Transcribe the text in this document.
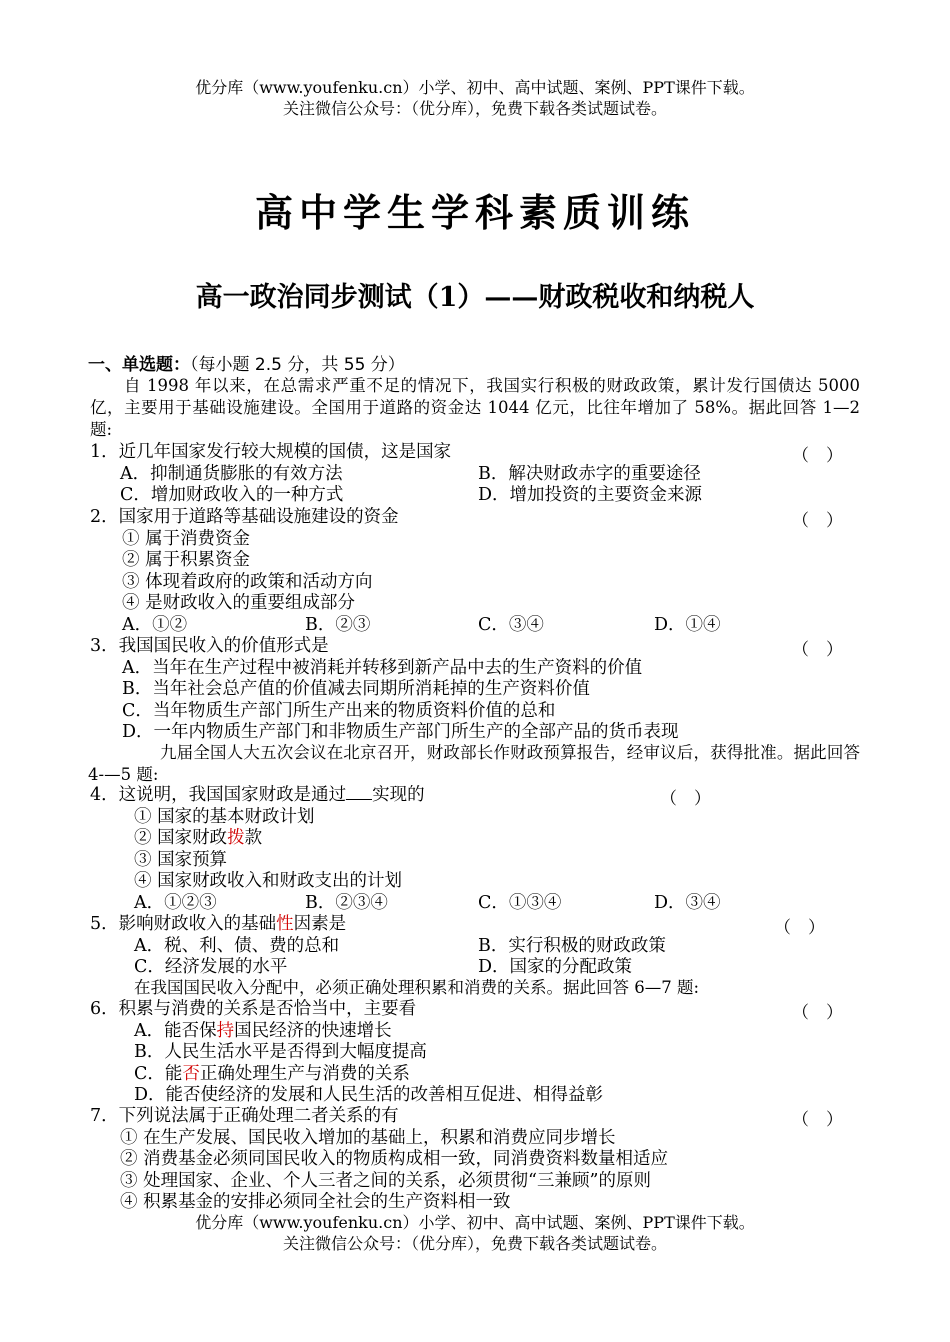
优分库（www.youfenku.cn）小学、初中、高中试题、案例、PPT课件下载。
关注微信公众号：（优分库），免费下载各类试题试卷。
高中学生学科素质训练
高一政治同步测试（1）——财政税收和纳税人
一、单选题：（每小题 2.5 分，共 55 分）
自 1998 年以来，在总需求严重不足的情况下，我国实行积极的财政政策，累计发行国债达 5000 亿，主要用于基础设施建设。全国用于道路的资金达 1044 亿元，比往年增加了 58%。据此回答 1—2 题:
1．近几年国家发行较大规模的国债，这是国家	（　）
A．抑制通货膨胀的有效方法	B．解决财政赤字的重要途径
C．增加财政收入的一种方式	D．增加投资的主要资金来源
2．国家用于道路等基础设施建设的资金	（　）
① 属于消费资金
② 属于积累资金
③ 体现着政府的政策和活动方向
④ 是财政收入的重要组成部分
A．①②	B．②③	C．③④	D．①④
3．我国国民收入的价值形式是	（　）
A．当年在生产过程中被消耗并转移到新产品中去的生产资料的价值
B．当年社会总产值的价值减去同期所消耗掉的生产资料价值
C．当年物质生产部门所生产出来的物质资料价值的总和
D．一年内物质生产部门和非物质生产部门所生产的全部产品的货币表现
九届全国人大五次会议在北京召开，财政部长作财政预算报告，经审议后，获得批准。据此回答 4-—5 题:
4．这说明，我国国家财政是通过 实现的	（　）
① 国家的基本财政计划
② 国家财政拨款
③ 国家预算
④ 国家财政收入和财政支出的计划
A．①②③	B．②③④	C．①③④	D．③④
5．影响财政收入的基础性因素是	（　）
A．税、利、债、费的总和	B．实行积极的财政政策
C．经济发展的水平	D．国家的分配政策
在我国国民收入分配中，必须正确处理积累和消费的关系。据此回答 6—7 题:
6．积累与消费的关系是否恰当中，主要看	（　）
A．能否保持国民经济的快速增长
B．人民生活水平是否得到大幅度提高
C．能否正确处理生产与消费的关系
D．能否使经济的发展和人民生活的改善相互促进、相得益彰
7．下列说法属于正确处理二者关系的有	（　）
① 在生产发展、国民收入增加的基础上，积累和消费应同步增长
② 消费基金必须同国民收入的物质构成相一致，同消费资料数量相适应
③ 处理国家、企业、个人三者之间的关系，必须贯彻“三兼顾”的原则
④ 积累基金的安排必须同全社会的生产资料相一致
优分库（www.youfenku.cn）小学、初中、高中试题、案例、PPT课件下载。
关注微信公众号：（优分库），免费下载各类试题试卷。
